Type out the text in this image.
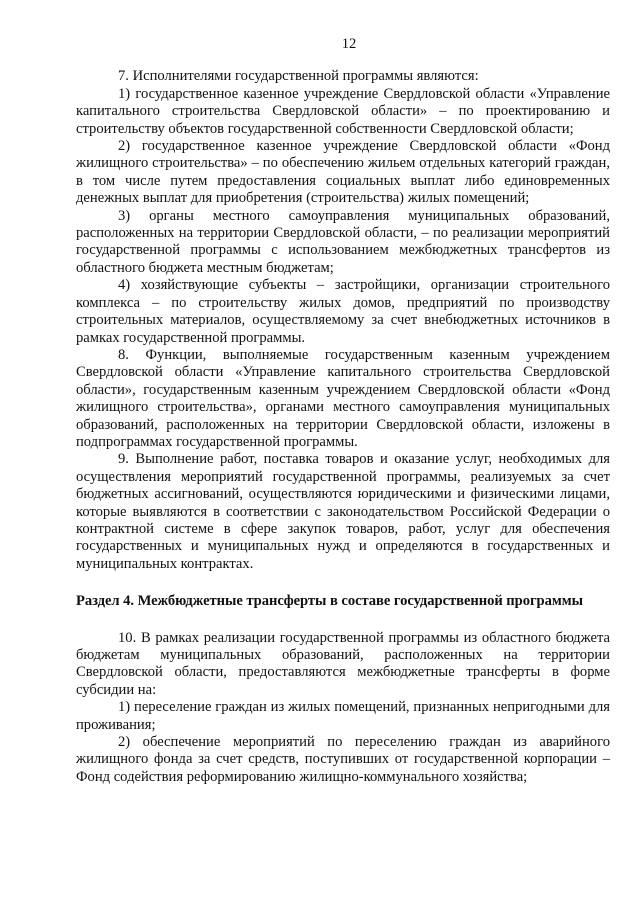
12

7. Исполнителями государственной программы являются:

1) государственное казенное учреждение Свердловской области «Управление капитального строительства Свердловской области» – по проектированию и строительству объектов государственной собственности Свердловской области;

2) государственное казенное учреждение Свердловской области «Фонд жилищного строительства» – по обеспечению жильем отдельных категорий граждан, в том числе путем предоставления социальных выплат либо единовременных денежных выплат для приобретения (строительства) жилых помещений;

3) органы местного самоуправления муниципальных образований, расположенных на территории Свердловской области, – по реализации мероприятий государственной программы с использованием межбюджетных трансфертов из областного бюджета местным бюджетам;

4) хозяйствующие субъекты – застройщики, организации строительного комплекса – по строительству жилых домов, предприятий по производству строительных материалов, осуществляемому за счет внебюджетных источников в рамках государственной программы.

8. Функции, выполняемые государственным казенным учреждением Свердловской области «Управление капитального строительства Свердловской области», государственным казенным учреждением Свердловской области «Фонд жилищного строительства», органами местного самоуправления муниципальных образований, расположенных на территории Свердловской области, изложены в подпрограммах государственной программы.

9. Выполнение работ, поставка товаров и оказание услуг, необходимых для осуществления мероприятий государственной программы, реализуемых за счет бюджетных ассигнований, осуществляются юридическими и физическими лицами, которые выявляются в соответствии с законодательством Российской Федерации о контрактной системе в сфере закупок товаров, работ, услуг для обеспечения государственных и муниципальных нужд и определяются в государственных и муниципальных контрактах.

Раздел 4. Межбюджетные трансферты в составе государственной программы

10. В рамках реализации государственной программы из областного бюджета бюджетам муниципальных образований, расположенных на территории Свердловской области, предоставляются межбюджетные трансферты в форме субсидии на:

1) переселение граждан из жилых помещений, признанных непригодными для проживания;

2) обеспечение мероприятий по переселению граждан из аварийного жилищного фонда за счет средств, поступивших от государственной корпорации – Фонд содействия реформированию жилищно-коммунального хозяйства;
